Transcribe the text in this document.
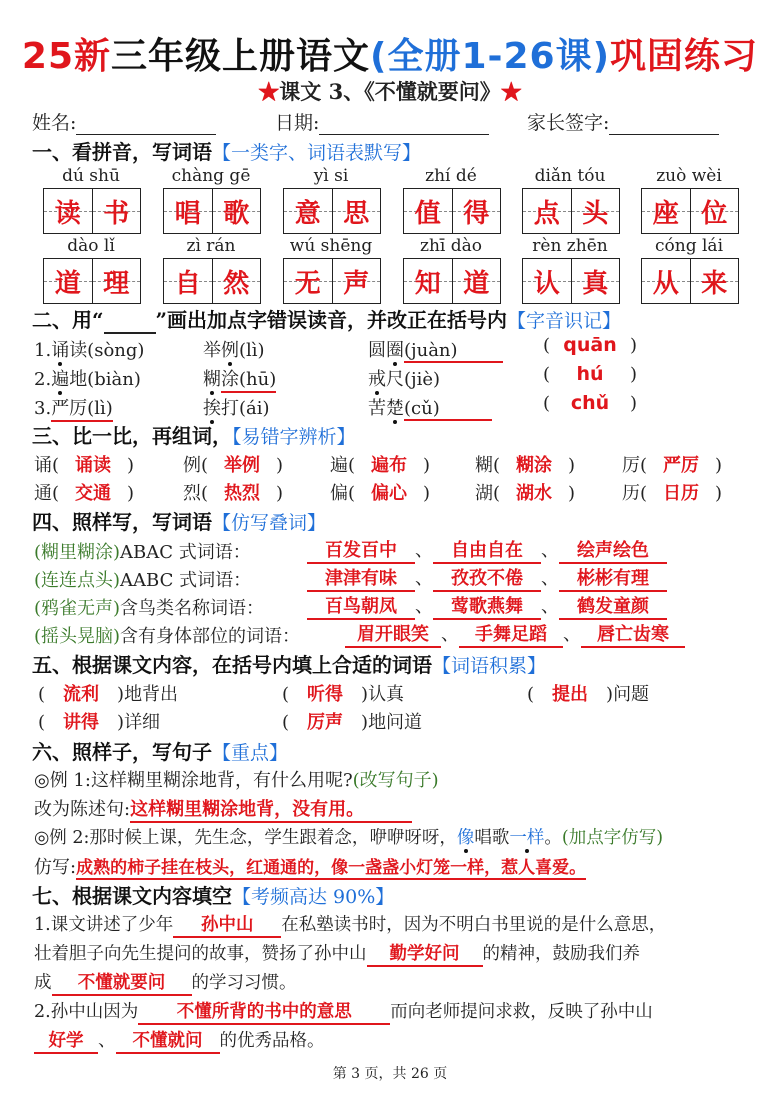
25新三年级上册语文(全册1-26课)巩固练习
★课文 3、《不懂就要问》★
姓名:	日期:	家长签字:
一、看拼音，写词语【一类字、词语表默写】
dú shū	chàng gē	yì si	zhí dé	diǎn tóu	zuò wèi
读 书 唱 歌 意 思 值 得 点 头 座 位
dào lǐ	zì rán	wú shēng	zhī dào	rèn zhēn	cóng lái
道 理 自 然 无 声 知 道 认 真 从 来
二、用“	”画出加点字错误读音，并改正在括号内【字音识记】
1.诵读(sòng)	举例(lì)	圆圈(juàn)	( quān )
2.遍地(biàn)	糊涂(hū)	戒尺(jiè)	( hú )
3.严厉(lì)	挨打(ái)	苦楚(cǔ)	( chǔ )
三、比一比，再组词，【易错字辨析】
诵( 诵读 )	例( 举例 )	遍( 遍布 ) 糊( 糊涂 )	厉( 严厉 )
通( 交通 )	烈( 热烈 )	偏( 偏心 ) 湖( 湖水 )	历( 日历 )
四、照样写，写词语【仿写叠词】
(糊里糊涂)ABAC 式词语：	百发百中 、 自由自在 、 绘声绘色
(连连点头)AABC 式词语：	津津有味 、 孜孜不倦 、 彬彬有理
(鸦雀无声)含鸟类名称词语：	百鸟朝凤 、 莺歌燕舞 、 鹤发童颜
(摇头晃脑)含有身体部位的词语：	眉开眼笑 、 手舞足蹈 、 唇亡齿寒
五、根据课文内容，在括号内填上合适的词语【词语积累】
( 流利 )地背出	( 听得 )认真	( 提出 )问题
( 讲得 )详细	( 厉声 )地问道
六、照样子，写句子【重点】
◎例 1:这样糊里糊涂地背，有什么用呢?(改写句子)
改为陈述句:这样糊里糊涂地背，没有用。
◎例 2:那时候上课，先生念，学生跟着念，咿咿呀呀，像唱歌一样。(加点字仿写)
仿写:成熟的柿子挂在枝头，红通通的，像一盏盏小灯笼一样，惹人喜爱。
七、根据课文内容填空【考频高达 90%】
1.课文讲述了少年 孙中山 在私塾读书时，因为不明白书里说的是什么意思，
壮着胆子向先生提问的故事，赞扬了孙中山 勤学好问 的精神，鼓励我们养
成 不懂就要问 的学习习惯。
2.孙中山因为 不懂所背的书中的意思 而向老师提问求救，反映了孙中山
好学 、 不懂就问 的优秀品格。
第 3 页，共 26 页
